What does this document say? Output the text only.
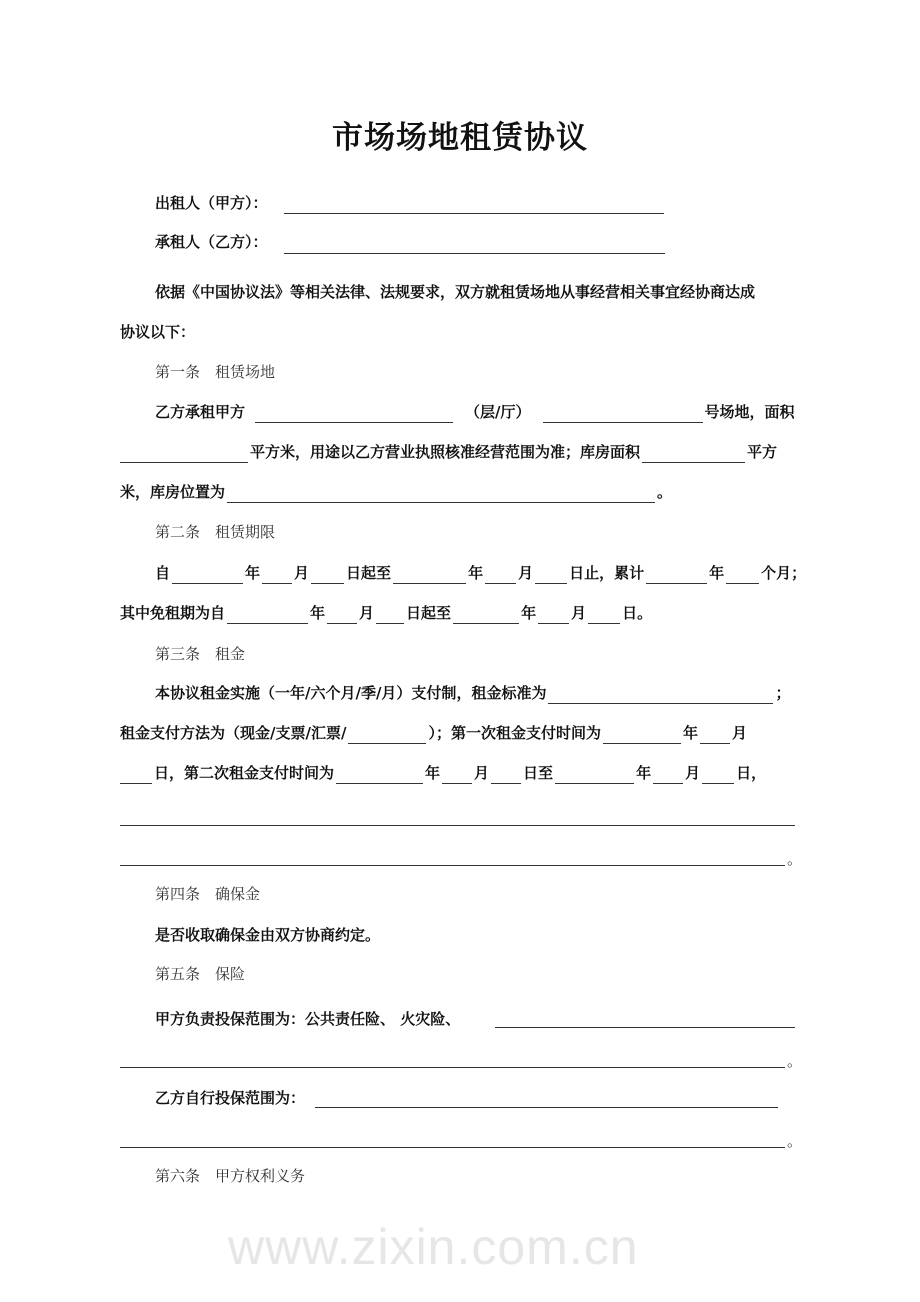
www.zixin.com.cn
市场场地租赁协议
出租人（甲方）：
承租人（乙方）：
依据《中国协议法》等相关法律、法规要求，双方就租赁场地从事经营相关事宜经协商达成
协议以下：
第一条　租赁场地
乙方承租甲方	（层/厅）	号场地，面积
平方米，用途以乙方营业执照核准经营范围为准；库房面积	平方
米，库房位置为	。
第二条　租赁期限
自	年 月 日起至	年 月 日止，累计	年 个月；
其中免租期为自	年 月 日起至	年 月 日。
第三条　租金
本协议租金实施（一年/六个月/季/月）支付制，租金标准为	；
租金支付方法为（现金/支票/汇票/	）；第一次租金支付时间为	年 月
日，第二次租金支付时间为	年 月 日至	年 月 日，
。
第四条　确保金
是否收取确保金由双方协商约定。
第五条　保险
甲方负责投保范围为：公共责任险、 火灾险、
。
乙方自行投保范围为：
。
第六条　甲方权利义务
